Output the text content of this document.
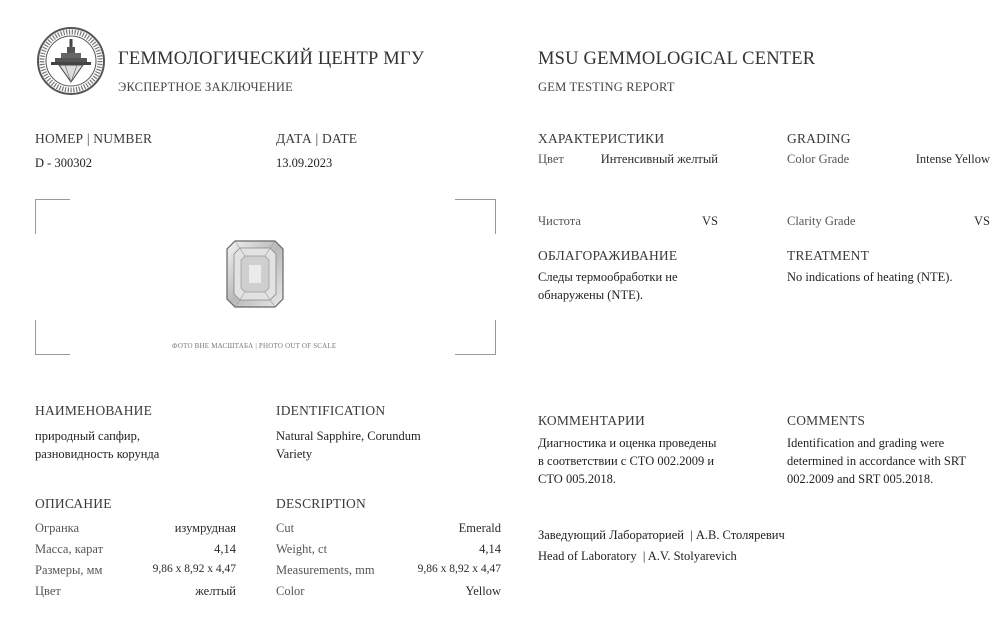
ГЕММОЛОГИЧЕСКИЙ ЦЕНТР МГУ
ЭКСПЕРТНОЕ ЗАКЛЮЧЕНИЕ
MSU GEMMOLOGICAL CENTER
GEM TESTING REPORT
НОМЕР | NUMBER
D - 300302
ДАТА | DATE
13.09.2023
ФОТО ВНЕ МАСШТАБА | PHOTO OUT OF SCALE
ХАРАКТЕРИСТИКИ	GRADING
Цвет	Интенсивный желтый	Color Grade	Intense Yellow
Чистота	VS	Clarity Grade	VS
ОБЛАГОРАЖИВАНИЕ	TREATMENT
Следы термообработки не обнаружены (NTE).
No indications of heating (NTE).
НАИМЕНОВАНИЕ	IDENTIFICATION
природный сапфир, разновидность корунда
Natural Sapphire, Corundum Variety
КОММЕНТАРИИ	COMMENTS
Диагностика и оценка проведены в соответствии с СТО 002.2009 и СТО 005.2018.
Identification and grading were determined in accordance with SRT 002.2009 and SRT 005.2018.
ОПИСАНИЕ	DESCRIPTION
Огранка	изумрудная
Масса, карат	4,14
Размеры, мм	9,86 x 8,92 x 4,47
Цвет	желтый
Cut	Emerald
Weight, ct	4,14
Measurements, mm	9,86 x 8,92 x 4,47
Color	Yellow
Заведующий Лабораторией  | А.В. Столяревич
Head of Laboratory  | A.V. Stolyarevich
